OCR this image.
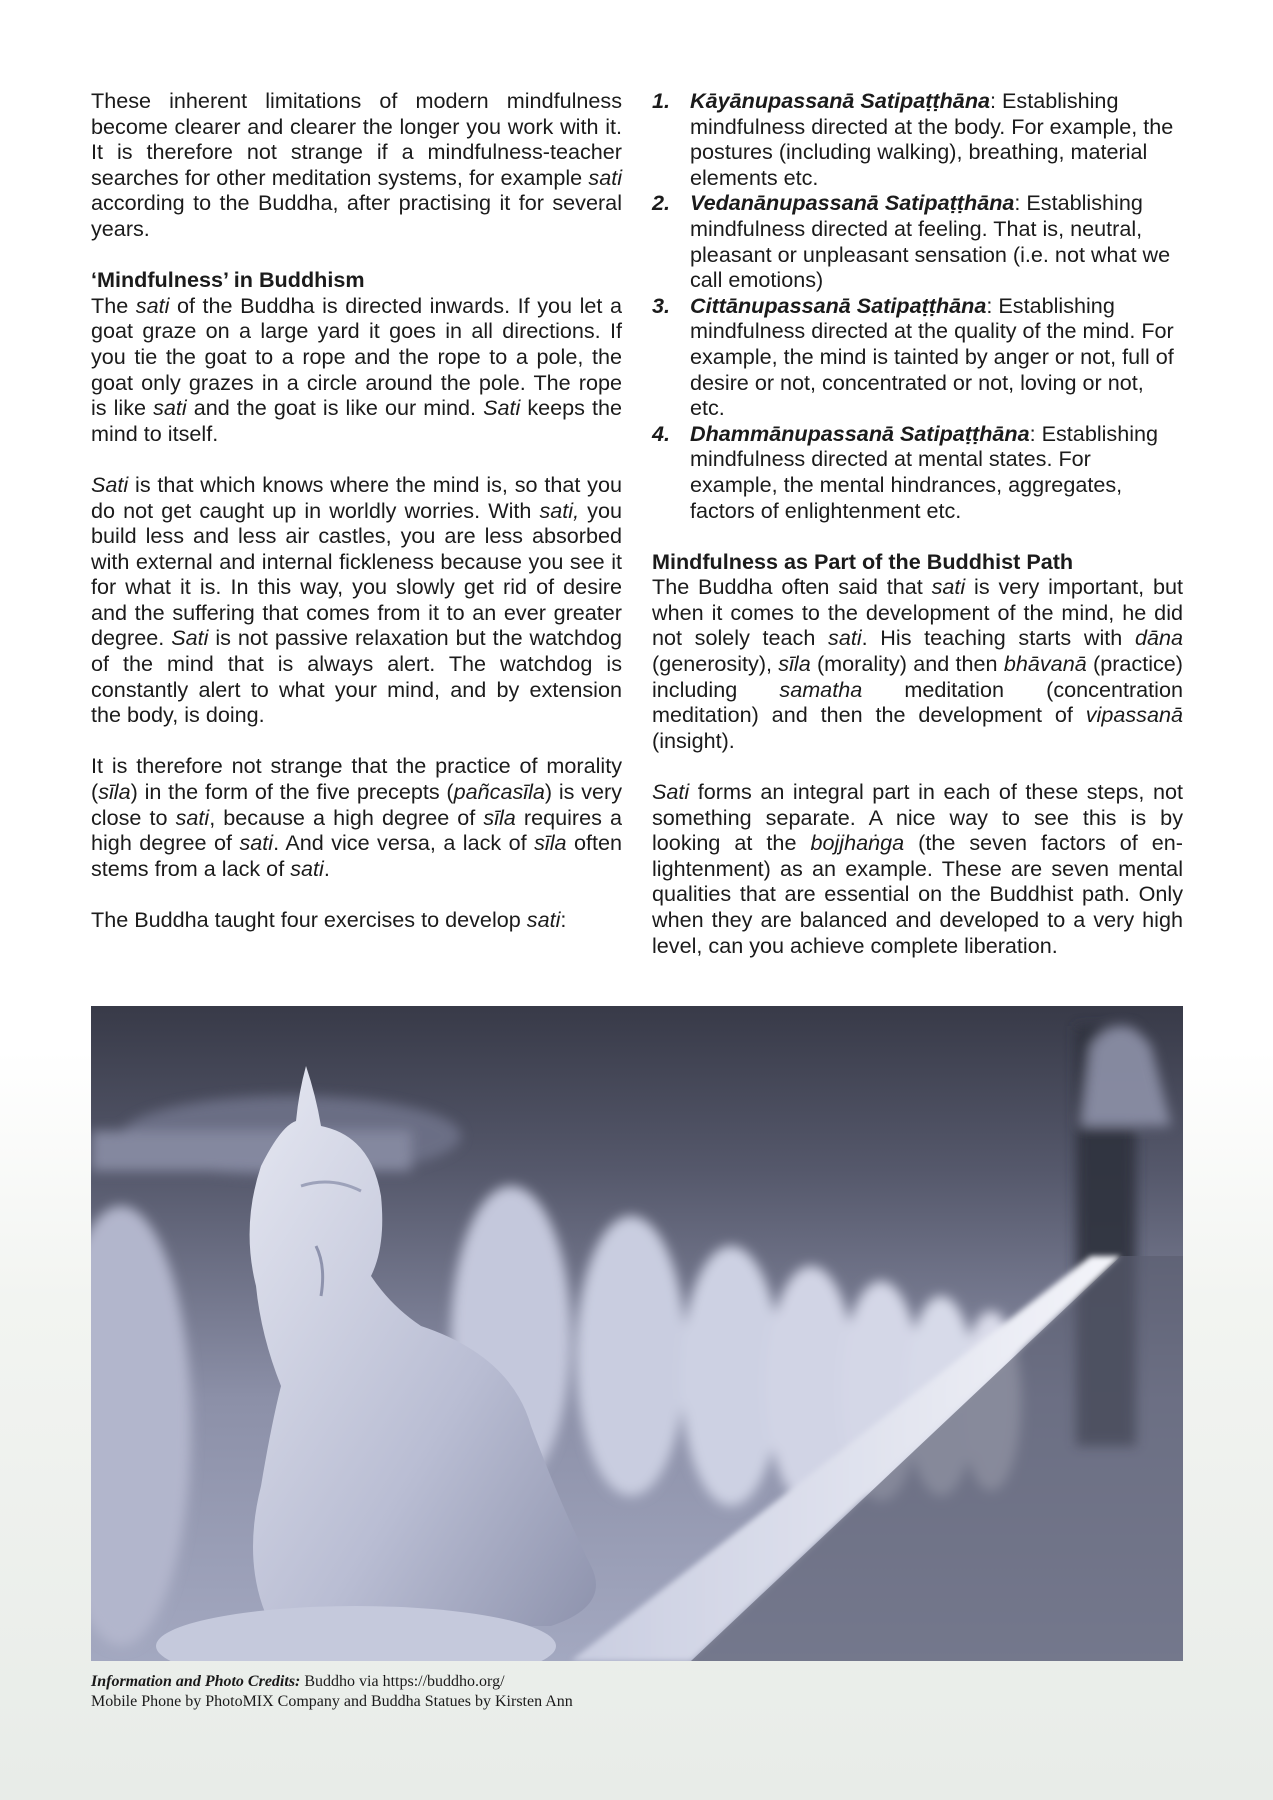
These inherent limitations of modern mindfulness become clearer and clearer the longer you work with it. It is therefore not strange if a mindfulness-teacher searches for other meditation systems, for example sati according to the Buddha, after practising it for several years.

‘Mindfulness’ in Buddhism

The sati of the Buddha is directed inwards. If you let a goat graze on a large yard it goes in all directions. If you tie the goat to a rope and the rope to a pole, the goat only grazes in a circle around the pole. The rope is like sati and the goat is like our mind. Sati keeps the mind to itself.

Sati is that which knows where the mind is, so that you do not get caught up in worldly worries. With sati, you build less and less air castles, you are less absorbed with external and internal fickleness because you see it for what it is. In this way, you slowly get rid of desire and the suffering that comes from it to an ever greater degree. Sati is not passive relaxation but the watchdog of the mind that is always alert. The watchdog is constantly alert to what your mind, and by extension the body, is doing.

It is therefore not strange that the practice of morality (sīla) in the form of the five precepts (pañcasīla) is very close to sati, because a high degree of sīla requires a high degree of sati. And vice versa, a lack of sīla often stems from a lack of sati.

The Buddha taught four exercises to develop sati:

1. Kāyānupassanā Satipaṭṭhāna: Establishing mindfulness directed at the body. For example, the postures (including walking), breathing, material elements etc.
2. Vedanānupassanā Satipaṭṭhāna: Establishing mindfulness directed at feeling. That is, neutral, pleasant or unpleasant sensation (i.e. not what we call emotions)
3. Cittānupassanā Satipaṭṭhāna: Establishing mindfulness directed at the quality of the mind. For example, the mind is tainted by anger or not, full of desire or not, concentrated or not, loving or not, etc.
4. Dhammānupassanā Satipaṭṭhāna: Establishing mindfulness directed at mental states. For example, the mental hindrances, aggregates, factors of enlightenment etc.
Mindfulness as Part of the Buddhist Path

The Buddha often said that sati is very important, but when it comes to the development of the mind, he did not solely teach sati. His teaching starts with dāna (generosity), sīla (morality) and then bhāvanā (practice) including samatha meditation (concentration meditation) and then the development of vipassanā (insight).

Sati forms an integral part in each of these steps, not something separate. A nice way to see this is by looking at the bojjhaṅga (the seven factors of enlightenment) as an example. These are seven mental qualities that are essential on the Buddhist path. Only when they are balanced and developed to a very high level, can you achieve complete liberation.

Information and Photo Credits: Buddho via https://buddho.org/
Mobile Phone by PhotoMIX Company and Buddha Statues by Kirsten Ann
